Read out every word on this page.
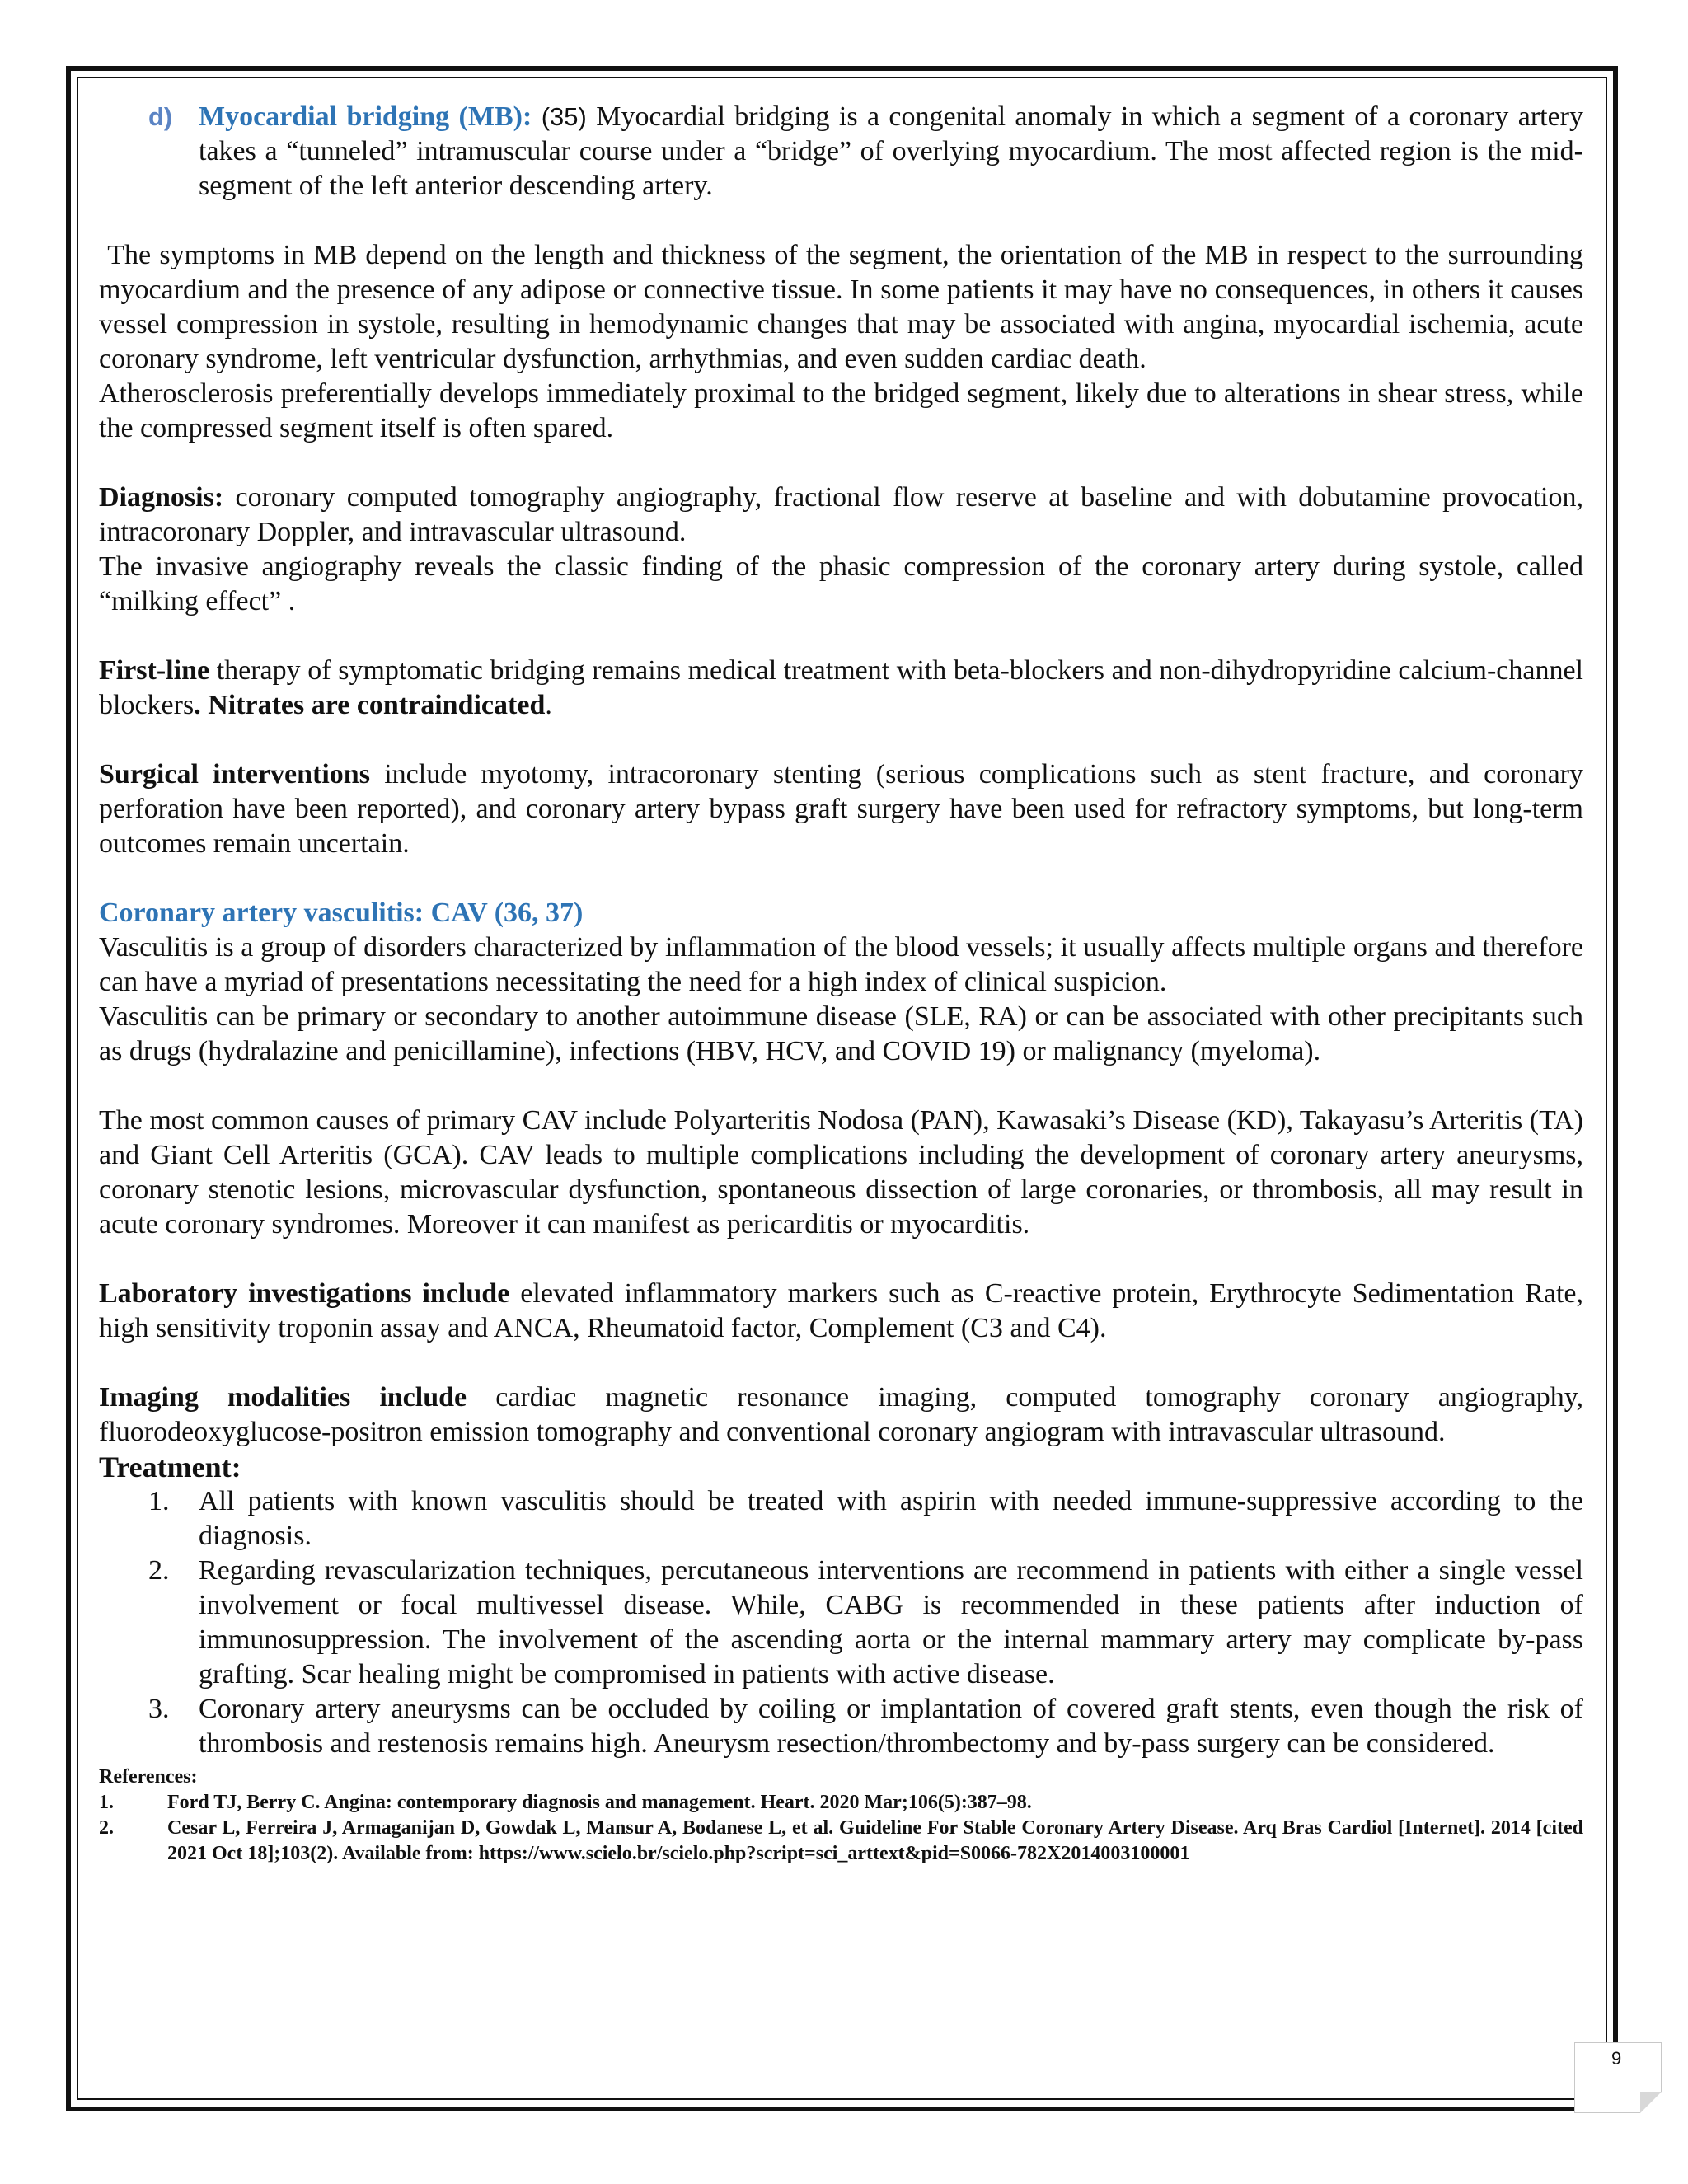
d) Myocardial bridging (MB): (35) Myocardial bridging is a congenital anomaly in which a segment of a coronary artery takes a “tunneled” intramuscular course under a “bridge” of overlying myocardium. The most affected region is the mid-segment of the left anterior descending artery.

The symptoms in MB depend on the length and thickness of the segment, the orientation of the MB in respect to the surrounding myocardium and the presence of any adipose or connective tissue. In some patients it may have no consequences, in others it causes vessel compression in systole, resulting in hemodynamic changes that may be associated with angina, myocardial ischemia, acute coronary syndrome, left ventricular dysfunction, arrhythmias, and even sudden cardiac death.

Atherosclerosis preferentially develops immediately proximal to the bridged segment, likely due to alterations in shear stress, while the compressed segment itself is often spared.

Diagnosis: coronary computed tomography angiography, fractional flow reserve at baseline and with dobutamine provocation, intracoronary Doppler, and intravascular ultrasound.

The invasive angiography reveals the classic finding of the phasic compression of the coronary artery during systole, called “milking effect” .

First-line therapy of symptomatic bridging remains medical treatment with beta-blockers and non-dihydropyridine calcium-channel blockers. Nitrates are contraindicated.

Surgical interventions include myotomy, intracoronary stenting (serious complications such as stent fracture, and coronary perforation have been reported), and coronary artery bypass graft surgery have been used for refractory symptoms, but long-term outcomes remain uncertain.

Coronary artery vasculitis: CAV (36, 37)

Vasculitis is a group of disorders characterized by inflammation of the blood vessels; it usually affects multiple organs and therefore can have a myriad of presentations necessitating the need for a high index of clinical suspicion.

Vasculitis can be primary or secondary to another autoimmune disease (SLE, RA) or can be associated with other precipitants such as drugs (hydralazine and penicillamine), infections (HBV, HCV, and COVID 19) or malignancy (myeloma).

The most common causes of primary CAV include Polyarteritis Nodosa (PAN), Kawasaki’s Disease (KD), Takayasu’s Arteritis (TA) and Giant Cell Arteritis (GCA). CAV leads to multiple complications including the development of coronary artery aneurysms, coronary stenotic lesions, microvascular dysfunction, spontaneous dissection of large coronaries, or thrombosis, all may result in acute coronary syndromes. Moreover it can manifest as pericarditis or myocarditis.

Laboratory investigations include elevated inflammatory markers such as C-reactive protein, Erythrocyte Sedimentation Rate, high sensitivity troponin assay and ANCA, Rheumatoid factor, Complement (C3 and C4).

Imaging modalities include cardiac magnetic resonance imaging, computed tomography coronary angiography, fluorodeoxyglucose-positron emission tomography and conventional coronary angiogram with intravascular ultrasound.

Treatment:

1. All patients with known vasculitis should be treated with aspirin with needed immune-suppressive according to the diagnosis.
2. Regarding revascularization techniques, percutaneous interventions are recommend in patients with either a single vessel involvement or focal multivessel disease. While, CABG is recommended in these patients after induction of immunosuppression. The involvement of the ascending aorta or the internal mammary artery may complicate by-pass grafting. Scar healing might be compromised in patients with active disease.
3. Coronary artery aneurysms can be occluded by coiling or implantation of covered graft stents, even though the risk of thrombosis and restenosis remains high. Aneurysm resection/thrombectomy and by-pass surgery can be considered.
References:
1.	Ford TJ, Berry C. Angina: contemporary diagnosis and management. Heart. 2020 Mar;106(5):387–98.
2.	Cesar L, Ferreira J, Armaganijan D, Gowdak L, Mansur A, Bodanese L, et al. Guideline For Stable Coronary Artery Disease. Arq Bras Cardiol [Internet]. 2014 [cited 2021 Oct 18];103(2). Available from: https://www.scielo.br/scielo.php?script=sci_arttext&pid=S0066-782X2014003100001
9
